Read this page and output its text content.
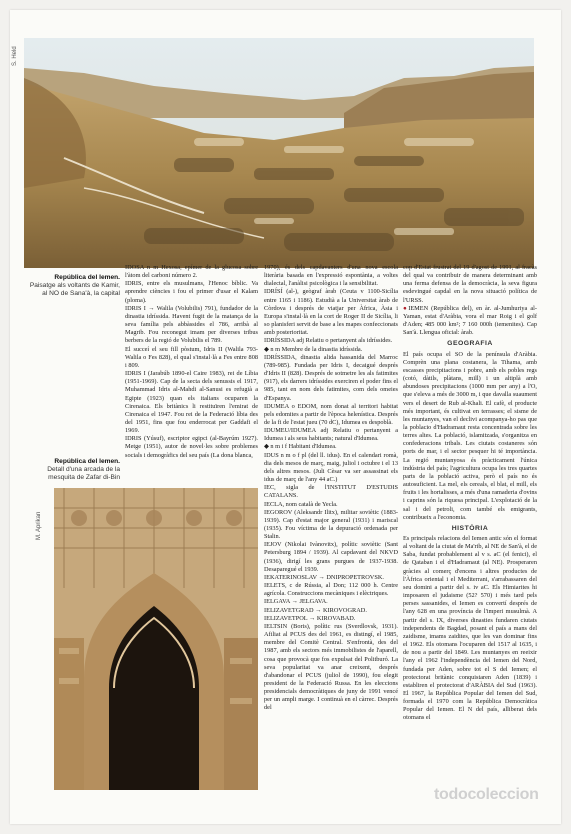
S. Held
República del Iemen.
Paisatge als voltants de Kamir, al NO de Sana'à, la capital
República del Iemen.
Detall d'una arcada de la mesquita de Zafar di-Bin
M. Aprikan

IDOSA n m Hexosa, epímer de la glucosa sobre l'àtom del carboni número 2.

IDRIS, entre els musulmans, l'Henoc bíblic. Va aprendre ciències i fou el primer d'usar el Kalam (ploma).

IDRIS I → Walila (Volubilis) 791), fundador de la dinastia idríssida. Havent fugit de la matança de la seva família pels abbàssides el 786, arribà al Magrib. Fou reconegut imam per diverses tribus berbers de la regió de Volubilis el 789.

El succeí el seu fill pòstum, Idris II (Walila 793-Walila o Fes 828), el qual s'instal·là a Fes entre 808 i 809.

IDRIS I (Jarabúb 1890-el Caire 1983), rei de Líbia (1951-1969). Cap de la secta dels senussis el 1917, Muhammad Idris al-Mahdi al-Sanusi es refugià a Egipte (1923) quan els italians ocuparen la Cirenaica. Els britànics li restituïren l'emirat de Cirenaica el 1947. Fou rei de la Federació líbia des del 1951, fins que fou enderrocat per Gaddafi el 1969.

IDRIS (Yúsuf), escriptor egipci (al-Bayrúm 1927). Metge (1951), autor de novel·les sobre problemes socials i demogràfics del seu país (La dona blanca,

1970), és dels capdavanters d'una nova escola literària basada en l'expressió espontània, a voltes dialectal, l'anàlisi psicològica i la sensibilitat.

IDRÍSÍ (al-), geògraf àrab (Ceuta v 1100-Sicília entre 1165 i 1186). Estudià a la Universitat àrab de Còrdova i després de viatjar per Àfrica, Àsia i Europa s'instal·là en la cort de Roger II de Sicília, li so planisferi servit de base a les mapes confeccionats amb posterioritat.

IDRÍSSIDA adj Relatiu o pertanyent als idríssides.

◆ n m Membre de la dinastia idríssida.

IDRÍSSIDA, dinastia alida hassanida del Marroc (789-985). Fundada per Idris I, decaigué després d'Idris II (828). Després de sotmetre les als fatimites (917), els darrers idríssides exerciren el poder fins el 985, tant en nom dels fatimites, com dels omeies d'Espanya.

IDUMEA o EDOM, nom donat al territori habitat pels edomites a partir de l'època helenística. Després de la fi de l'estat jueu (70 dC), Idumea es despoblà.

IDUMEU/IDUMEA adj Relatiu o pertanyent a Idumea i als seus habitants; natural d'Idumea.

◆ n m i f Habitant d'Idumea.

IDUS n m o f pl (del ll. idus). En el calendari romà, dia dels mesos de març, maig, juliol i octubre i el 13 dels altres mesos. (Juli Cèsar va ser assassinat els idus de març de l'any 44 aC.)

IEC, sigla de l'INSTITUT D'ESTUDIS CATALANS.

IECLA, nom català de Yecla.

IEGOROV (Aleksandr Ilitx), militar soviètic (1883-1939). Cap d'estat major general (1931) i mariscal (1935). Fou víctima de la depuració ordenada per Stalin.

IEJOV (Nikolai Ivànovitx), polític soviètic (Sant Petersburg 1894 / 1939). Al capdavant del NKVD (1936), dirigí les grans purgues de 1937-1938. Desaparegué el 1939.

IEKATERINOSLAV → DNIPROPETROVSK.

IELETS, c de Rússia, al Don; 112 000 h. Centre agrícola. Construccions mecàniques i elèctriques.

IELGAVA → JELGAVA.

IELIZAVETGRAD → KIROVOGRAD.

IELIZAVETPOL → KIROVABAD.

IELTSIN (Boris), polític rus (Sverdlovsk, 1931). Afiliat al PCUS des del 1961, es distingí, el 1985, membre del Comitè Central. S'enfrontà, des del 1987, amb els sectors més immobilistes de l'aparell, cosa que provocà que fos expulsat del Politburó. La seva popularitat va anar creixent, després d'abandonar el PCUS (juliol de 1990), fou elegit president de la Federació Russa. En les eleccions presidencials democràtiques de juny de 1991 vencé per un ampli marge. I continuà en el càrrec. Després del

cop d'Estat frustrat del 19 d'agost de 1991, al fracàs del qual va contribuir de manera determinant amb una ferma defensa de la democràcia, la seva figura esdevingué capdal en la nova situació política de l'URSS.

●IEMEN (República del), en àr. al-Jumhuriya al-Yaman, estat d'Aràbia, vora el mar Roig i el golf d'Aden; 485 000 km²; 7 160 000h (iemenites). Cap San'à. Llengua oficial: àrab.

GEOGRAFIA

El país ocupa el SO de la península d'Aràbia. Comprèn una plana costanera, la Tihama, amb escasses precipitacions i pobre, amb els pobles regs (cotó, dàtils, plàtans, mill) i un altiplà amb abundoses precipitacions (1000 mm per any) a l'O, que s'eleva a més de 3000 m, i que davalla suaument vers el desert de Rub al-Khali. El cafè, el producte més important, és cultivat en terrasses; el sisme de les muntanyes, van el declivi acompanya-ho pas que la poblacio d'Hadramaut resta concentrada sobre les terres altes. La població, islamitzada, s'organitza en confederacions tribals. Les ciutats costaneres són ports de mar, i el sector pesquer hi té importància. La regió muntanyosa és pràcticament l'única indústria del país; l'agricultura ocupa les tres quartes parts de la població activa, però el país no és autosuficient. La mel, els cereals, el blat, el mill, els fruits i les hortalisses, a més d'una ramaderia d'ovins i caprins són la riquesa principal. L'explotació de la sal i del petroli, com també els emigrants, contribueix a l'economia.

HISTÒRIA

Es principals relacions del Iemen antic són el format al voltant de la ciutat de Ma'rib, al NE de San'à, el de Saba, fundat probablement al v s. aC (el fenici), el de Qataban i el d'Hadramaut (al NE). Prosperaren gràcies al comerç d'encens i altres productes de l'Àfrica oriental i el Mediterrani, s'arrabassaren del seu domini a partir del s. iv aC. Els Himiarites hi imposaren el judaisme (52? 570) i més tard pels perses sassanides, el Iemen es convertí després de l'any 628 en una província de l'imperi musulmà. A partir del s. IX, diverses dinasties fundaren ciutats independents de Bagdad, posant el país a mans del zaidisme, imams zaidites, que les van dominar fins el 1962. Els otomans l'ocuparen del 1517 al 1635, i de nou a partir del 1849. Les muntanyes en reeixir l'any el 1962 l'independència del Iemen del Nord, fundada per Aden, sobre tot el S del Iemen; el protectorat britànic conquistaren Aden (1839) i establiren el protectorat d'ARÀBIA del Sud (1963). El 1967, la República Popular del Iemen del Sud, formada el 1970 com la República Democràtica Popular del Iemen. El N del país, alliberat dels otomans el

todocoleccion
